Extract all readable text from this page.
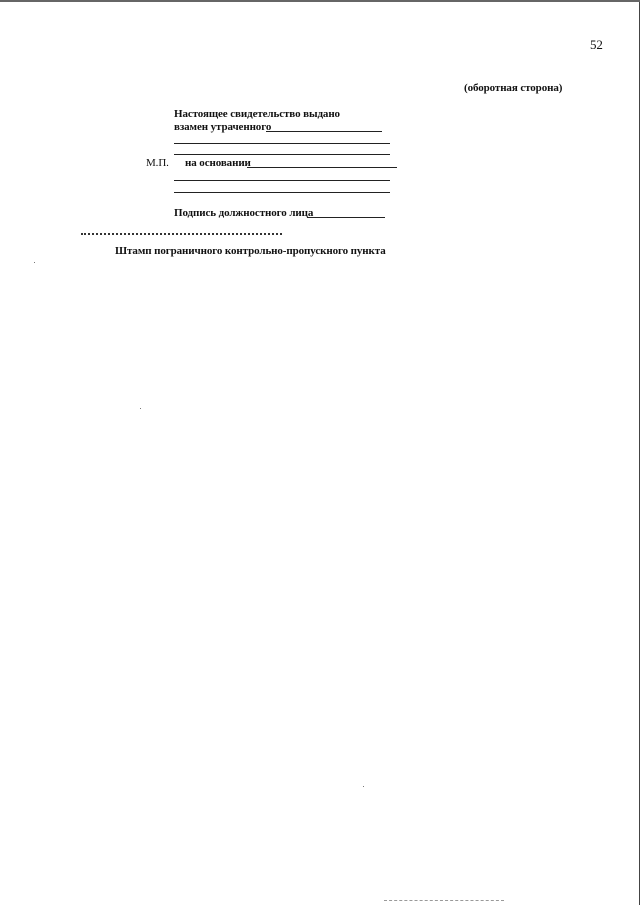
52
(оборотная сторона)
Настоящее свидетельство выдано
взамен утраченного
М.П. на основании
Подпись должностного лица
Штамп пограничного контрольно-пропускного пункта
